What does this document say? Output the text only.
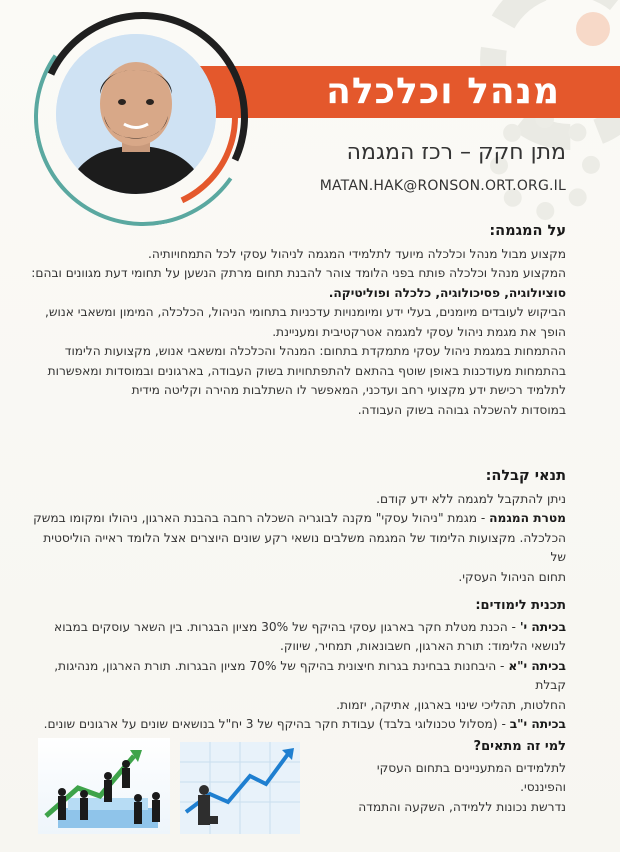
מנהל וכלכלה
מתן חקק – רכז המגמה
MATAN.HAK@RONSON.ORT.ORG.IL
על המגמה:

מקצוע מבול מנהל וכלכלה מיועד לתלמידי המגמה לניהול עסקי לכל התמחויותיה.

המקצוע מנהל וכלכלה פותח בפני הלומד צוהר להבנת תחום מרתק הנשען על תחומי דעת מגוונים ובהם:

סוציולוגיה, פסיכולוגיה, כלכלה ופוליטיקה.

הביקוש לעובדים מיומנים, בעלי ידע ומיומנויות עדכניות בתחומי הניהול, הכלכלה, המימון ומשאבי אנוש,

הופך את מגמת ניהול עסקי למגמה אטרקטיבית ומעניינת.

ההתמחות במגמת ניהול עסקי מתמקדת בתחום: המנהל והכלכלה ומשאבי אנוש, מקצועות הלימוד

בהתמחות מעודכנות באופן שוטף בהתאם להתפתחויות בשוק העבודה, בארגונים ובמוסדות ומאפשרות

לתלמיד רכישת ידע מקצועי רחב ועדכני, המאפשר לו השתלבות מהירה וקליטה מידית

במוסדות להשכלה גבוהה בשוק העבודה.

תנאי קבלה:

ניתן להתקבל למגמה ללא ידע קודם.

מטרת המגמה - מגמת "ניהול עסקי" מקנה לבוגריה השכלה רחבה בהבנת הארגון, ניהולו ומקומו במשק

הכלכלה. מקצועות הלימוד של המגמה משלבים נושאי רקע שונים היוצרים אצל הלומד ראייה הוליסטית של

תחום הניהול העסקי.

תכנית לימודים:

בכיתה י' - הכנת מטלת חקר בארגון עסקי בהיקף של 30% מציון הבגרות. בין השאר עוסקים במבוא

לנושאי הלימוד: תורת הארגון, חשבונאות, תמחיר, שיווק.

בכיתה י"א - היבחנות בבחינת בגרות חיצונית בהיקף של 70% מציון הבגרות. תורת הארגון, מנהיגות, קבלת

החלטות, תהליכי שינוי בארגון, אתיקה, יזמות.

בכיתה י"ב - (מסלול טכנולוגי בלבד) עבודת חקר בהיקף של 3 יח"ל בנושאים שונים על ארגונים שונים.

למי זה מתאים?

לתלמידים המתעניינים בתחום העסקי והפיננסי.

נדרשת נכונות ללמידה, השקעה והתמדה
